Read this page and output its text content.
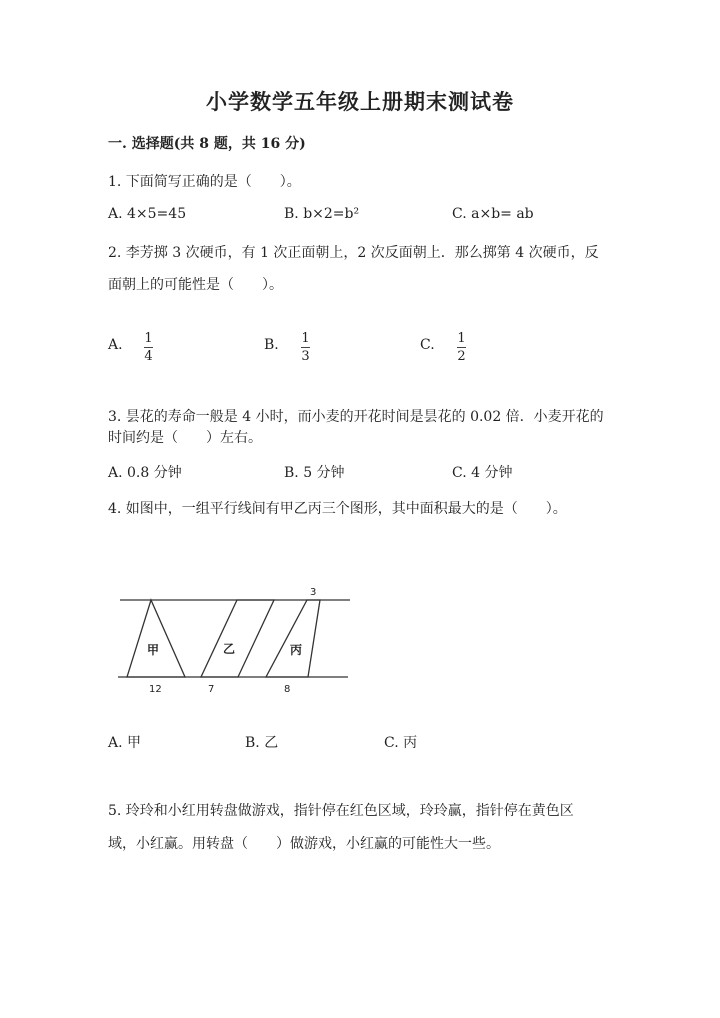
小学数学五年级上册期末测试卷
一. 选择题(共 8 题，共 16 分)
1. 下面简写正确的是（　　）。
A. 4×5=45	B. b×2=b²	C. a×b= ab
2. 李芳掷 3 次硬币，有 1 次正面朝上，2 次反面朝上．那么掷第 4 次硬币，反
面朝上的可能性是（　　）。
A. 1
4
B. 1
3
C. 1
2
3. 昙花的寿命一般是 4 小时，而小麦的开花时间是昙花的 0.02 倍．小麦开花的
时间约是（　　）左右。
A. 0.8 分钟	B. 5 分钟	C. 4 分钟
4. 如图中，一组平行线间有甲乙丙三个图形，其中面积最大的是（　　）。
甲	乙	丙
3
12	7	8
A. 甲	B. 乙	C. 丙
5. 玲玲和小红用转盘做游戏，指针停在红色区域，玲玲赢，指针停在黄色区
域，小红赢。用转盘（　　）做游戏，小红赢的可能性大一些。
